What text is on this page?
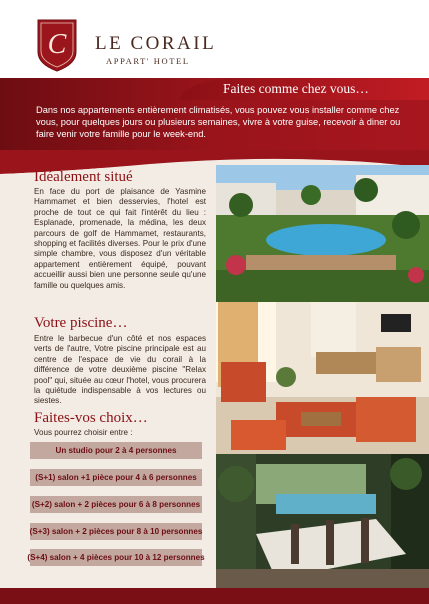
C LE CORAIL
APPART' HOTEL
Faites comme chez vous…
Dans nos appartements entièrement climatisés, vous pouvez vous installer comme chez vous, pour quelques jours ou plusieurs semaines, vivre à votre guise, recevoir à diner ou faire venir votre famille pour le week-end.
Idéalement situé
En face du port de plaisance de Yasmine Hammamet et bien desservies, l'hotel est proche de tout ce qui fait l'intérêt du lieu : Esplanade, promenade, la médina, les deux parcours de golf de Hammamet, restaurants, shopping et facilités diverses. Pour le prix d'une simple chambre, vous disposez d'un véritable appartement entièrement équipé, pouvant accueillir aussi bien une personne seule qu'une famille ou quelques amis.
Votre piscine…
Entre le barbecue d'un côté et nos espaces verts de l'autre, Votre piscine principale est au centre de l'espace de vie du corail à la différence de votre deuxième piscine "Relax pool" qui, située au cœur l'hotel, vous procurera la quiétude indispensable à vos lectures ou siestes.
Faites-vos choix…
Vous pourrez choisir entre :
Un studio pour 2 à 4 personnes
(S+1) salon +1 pièce pour 4 à 6 personnes
(S+2) salon + 2 pièces pour 6 à 8 personnes
(S+3) salon + 2 pièces pour 8 à 10 personnes
(S+4) salon + 4 pièces pour 10 à 12 personnes
